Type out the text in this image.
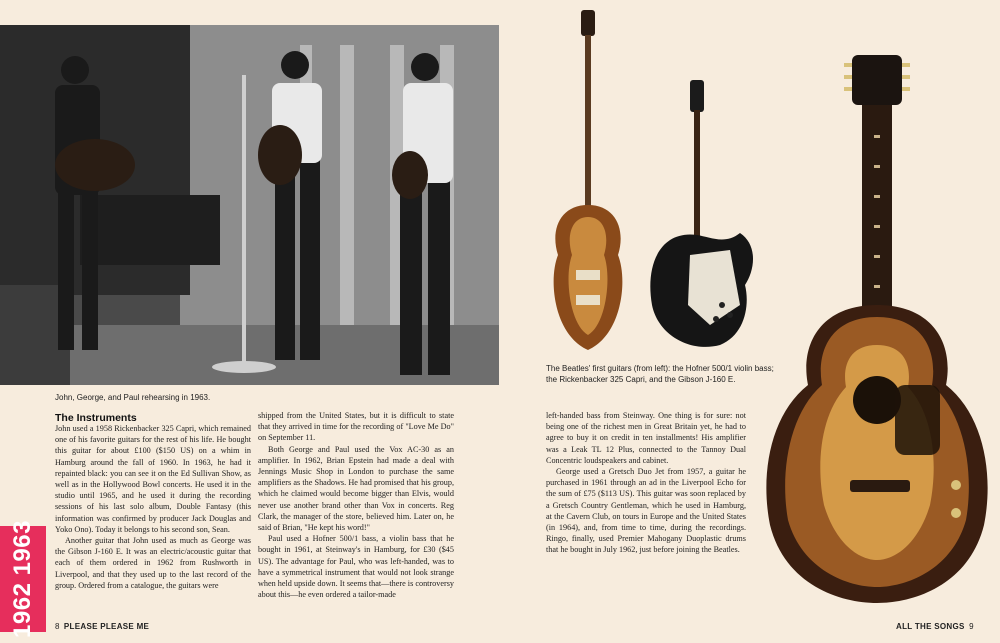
John, George, and Paul rehearsing in 1963.
The Beatles' first guitars (from left): the Hofner 500/1 violin bass;
the Rickenbacker 325 Capri, and the Gibson J-160 E.
The Instruments

John used a 1958 Rickenbacker 325 Capri, which remained one of his favorite guitars for the rest of his life. He bought this guitar for about £100 ($150 US) on a whim in Hamburg around the fall of 1960. In 1963, he had it repainted black: you can see it on the Ed Sullivan Show, as well as in the Hollywood Bowl concerts. He used it in the studio until 1965, and he used it during the recording sessions of his last solo album, Double Fantasy (this information was confirmed by producer Jack Douglas and Yoko Ono). Today it belongs to his second son, Sean.

Another guitar that John used as much as George was the Gibson J-160 E. It was an electric/acoustic guitar that each of them ordered in 1962 from Rushworth in Liverpool, and that they used up to the last record of the group. Ordered from a catalogue, the guitars were

shipped from the United States, but it is difficult to state that they arrived in time for the recording of "Love Me Do" on September 11.

Both George and Paul used the Vox AC-30 as an amplifier. In 1962, Brian Epstein had made a deal with Jennings Music Shop in London to purchase the same amplifiers as the Shadows. He had promised that his group, which he claimed would become bigger than Elvis, would never use another brand other than Vox in concerts. Reg Clark, the manager of the store, believed him. Later on, he said of Brian, "He kept his word!"

Paul used a Hofner 500/1 bass, a violin bass that he bought in 1961, at Steinway's in Hamburg, for £30 ($45 US). The advantage for Paul, who was left-handed, was to have a symmetrical instrument that would not look strange when held upside down. It seems that—there is controversy about this—he even ordered a tailor-made

left-handed bass from Steinway. One thing is for sure: not being one of the richest men in Great Britain yet, he had to agree to buy it on credit in ten installments! His amplifier was a Leak TL 12 Plus, connected to the Tannoy Dual Concentric loudspeakers and cabinet.

George used a Gretsch Duo Jet from 1957, a guitar he purchased in 1961 through an ad in the Liverpool Echo for the sum of £75 ($113 US). This guitar was soon replaced by a Gretsch Country Gentleman, which he used in Hamburg, at the Cavern Club, on tours in Europe and the United States (in 1964), and, from time to time, during the recordings. Ringo, finally, used Premier Mahogany Duoplastic drums that he bought in July 1962, just before joining the Beatles.

1962 1963 8 PLEASE PLEASE ME	ALL THE SONGS 9
